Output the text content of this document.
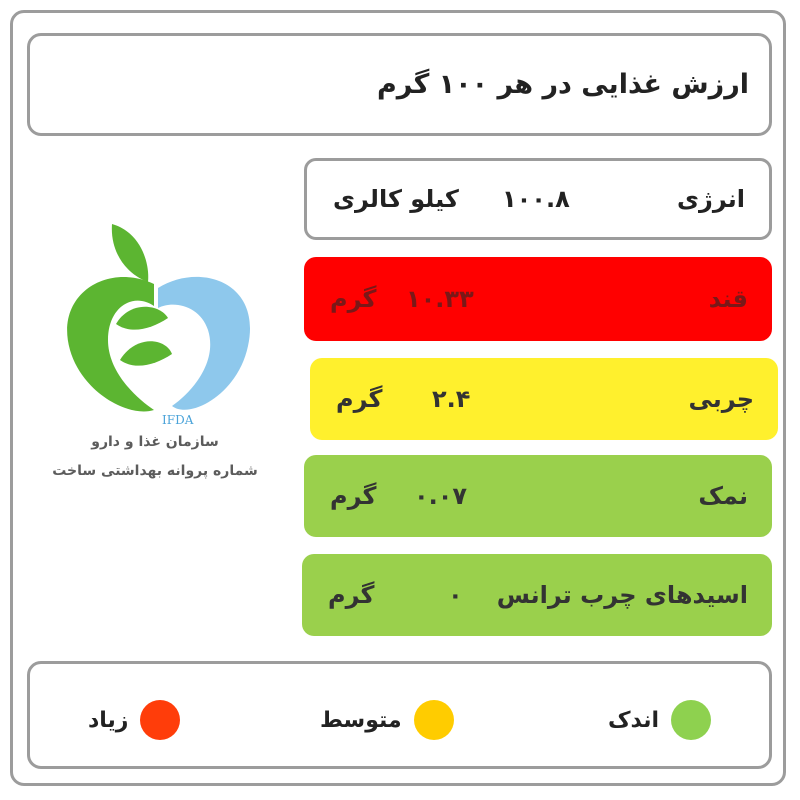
ارزش غذایی در هر ۱۰۰ گرم
انرژی
۱۰۰.۸
کیلو کالری
قند
۱۰.۳۳
گرم
چربی
۲.۴
گرم
نمک
۰.۰۷
گرم
اسیدهای چرب ترانس
۰
گرم
IFDA
سازمان غذا و دارو
شماره پروانه بهداشتی ساخت
اندک
متوسط
زیاد
